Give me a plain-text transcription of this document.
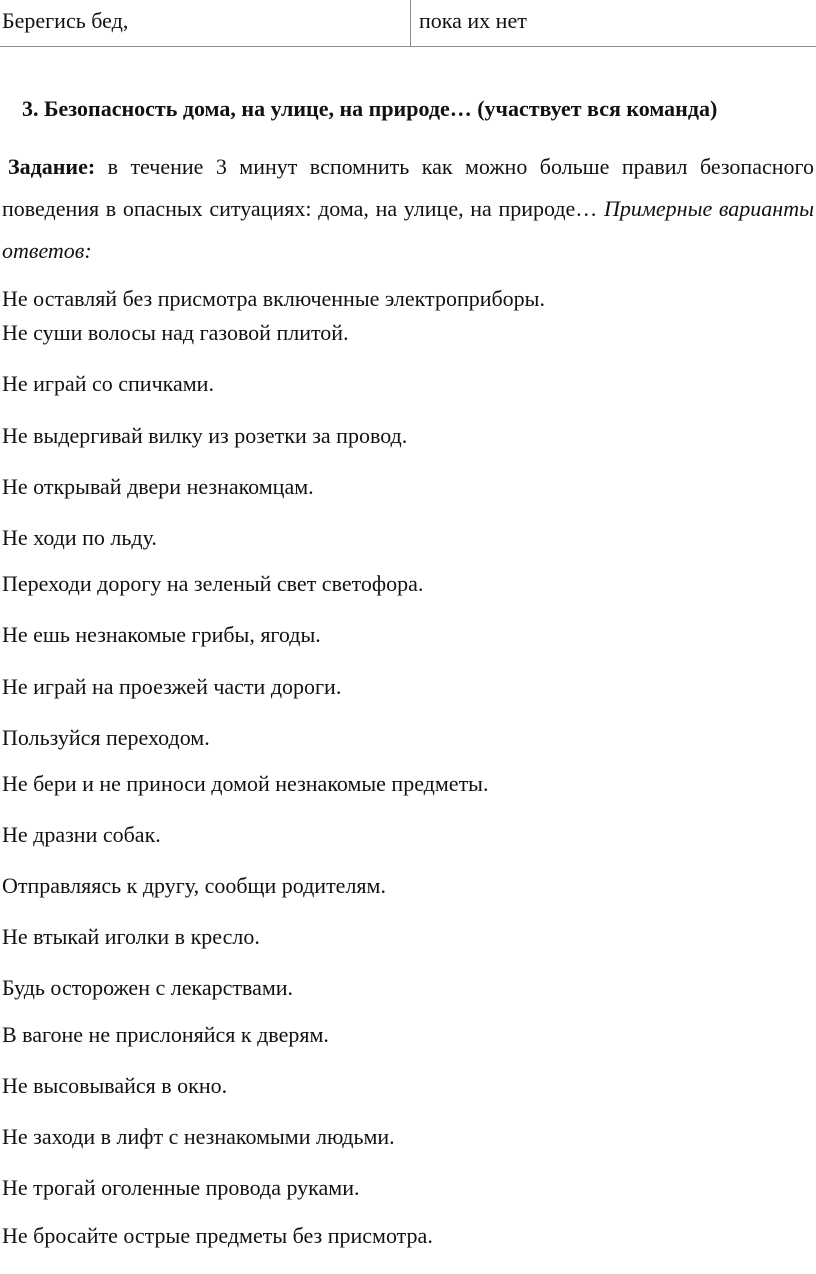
Берегись бед,	пока их нет
3. Безопасность дома, на улице, на природе… (участвует вся команда)
Задание: в течение 3 минут вспомнить как можно больше правил безопасного поведения в опасных ситуациях: дома, на улице, на природе… Примерные варианты ответов:
Не оставляй без присмотра включенные электроприборы.
Не суши волосы над газовой плитой.
Не играй со спичками.
Не выдергивай вилку из розетки за провод.
Не открывай двери незнакомцам.
Не ходи по льду.
Переходи дорогу на зеленый свет светофора.
Не ешь незнакомые грибы, ягоды.
Не играй на проезжей части дороги.
Пользуйся переходом.
Не бери и не приноси домой незнакомые предметы.
Не дразни собак.
Отправляясь к другу, сообщи родителям.
Не втыкай иголки в кресло.
Будь осторожен с лекарствами.
В вагоне не прислоняйся к дверям.
Не высовывайся в окно.
Не заходи в лифт с незнакомыми людьми.
Не трогай оголенные провода руками.
Не бросайте острые предметы без присмотра.
